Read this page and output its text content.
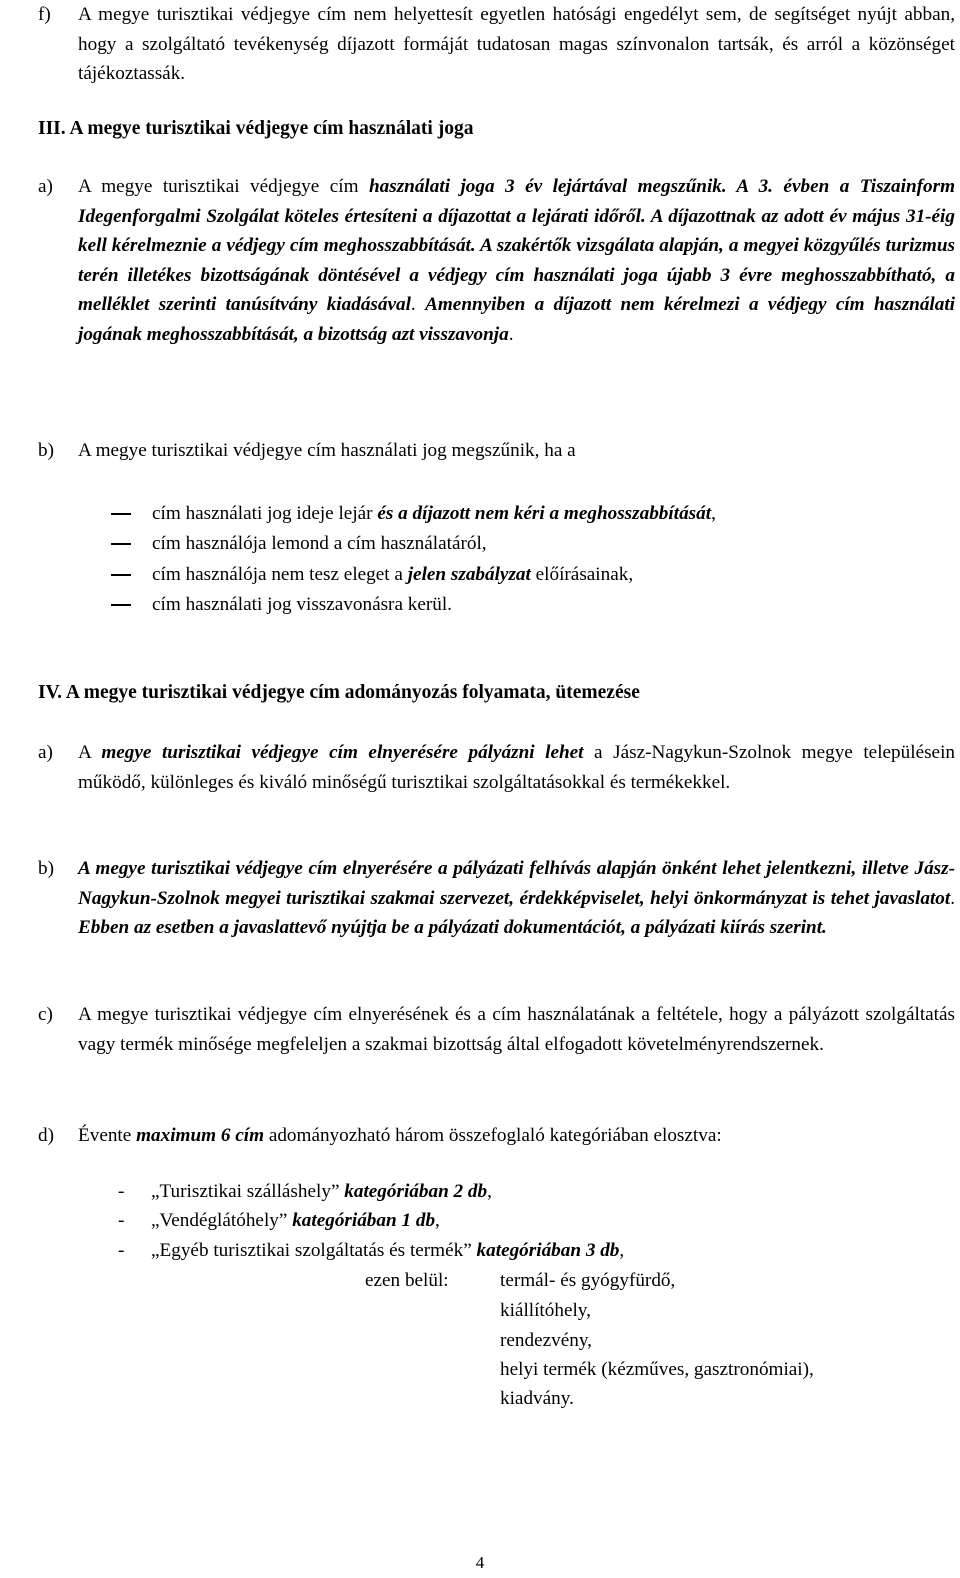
f) A megye turisztikai védjegye cím nem helyettesít egyetlen hatósági engedélyt sem, de segítséget nyújt abban, hogy a szolgáltató tevékenység díjazott formáját tudatosan magas színvonalon tartsák, és arról a közönséget tájékoztassák.
III. A megye turisztikai védjegye cím használati joga
a) A megye turisztikai védjegye cím használati joga 3 év lejártával megszűnik. A 3. évben a Tiszainform Idegenforgalmi Szolgálat köteles értesíteni a díjazottat a lejárati időről. A díjazottnak az adott év május 31-éig kell kérelmeznie a védjegy cím meghosszabbítását. A szakértők vizsgálata alapján, a megyei közgyűlés turizmus terén illetékes bizottságának döntésével a védjegy cím használati joga újabb 3 évre meghosszabbítható, a melléklet szerinti tanúsítvány kiadásával. Amennyiben a díjazott nem kérelmezi a védjegy cím használati jogának meghosszabbítását, a bizottság azt visszavonja.
b) A megye turisztikai védjegye cím használati jog megszűnik, ha a
cím használati jog ideje lejár és a díjazott nem kéri a meghosszabbítását,
cím használója lemond a cím használatáról,
cím használója nem tesz eleget a jelen szabályzat előírásainak,
cím használati jog visszavonásra kerül.
IV. A megye turisztikai védjegye cím adományozás folyamata, ütemezése
a) A megye turisztikai védjegye cím elnyerésére pályázni lehet a Jász-Nagykun-Szolnok megye településein működő, különleges és kiváló minőségű turisztikai szolgáltatásokkal és termékekkel.
b) A megye turisztikai védjegye cím elnyerésére a pályázati felhívás alapján önként lehet jelentkezni, illetve Jász-Nagykun-Szolnok megyei turisztikai szakmai szervezet, érdekképviselet, helyi önkormányzat is tehet javaslatot. Ebben az esetben a javaslattevő nyújtja be a pályázati dokumentációt, a pályázati kiírás szerint.
c) A megye turisztikai védjegye cím elnyerésének és a cím használatának a feltétele, hogy a pályázott szolgáltatás vagy termék minősége megfeleljen a szakmai bizottság által elfogadott követelményrendszernek.
d) Évente maximum 6 cím adományozható három összefoglaló kategóriában elosztva:
- „Turisztikai szálláshely” kategóriában 2 db,
- „Vendéglátóhely” kategóriában 1 db,
- „Egyéb turisztikai szolgáltatás és termék” kategóriában 3 db,
ezen belül:	termál- és gyógyfürdő,
kiállítóhely,
rendezvény,
helyi termék (kézműves, gasztronómiai),
kiadvány.
4
